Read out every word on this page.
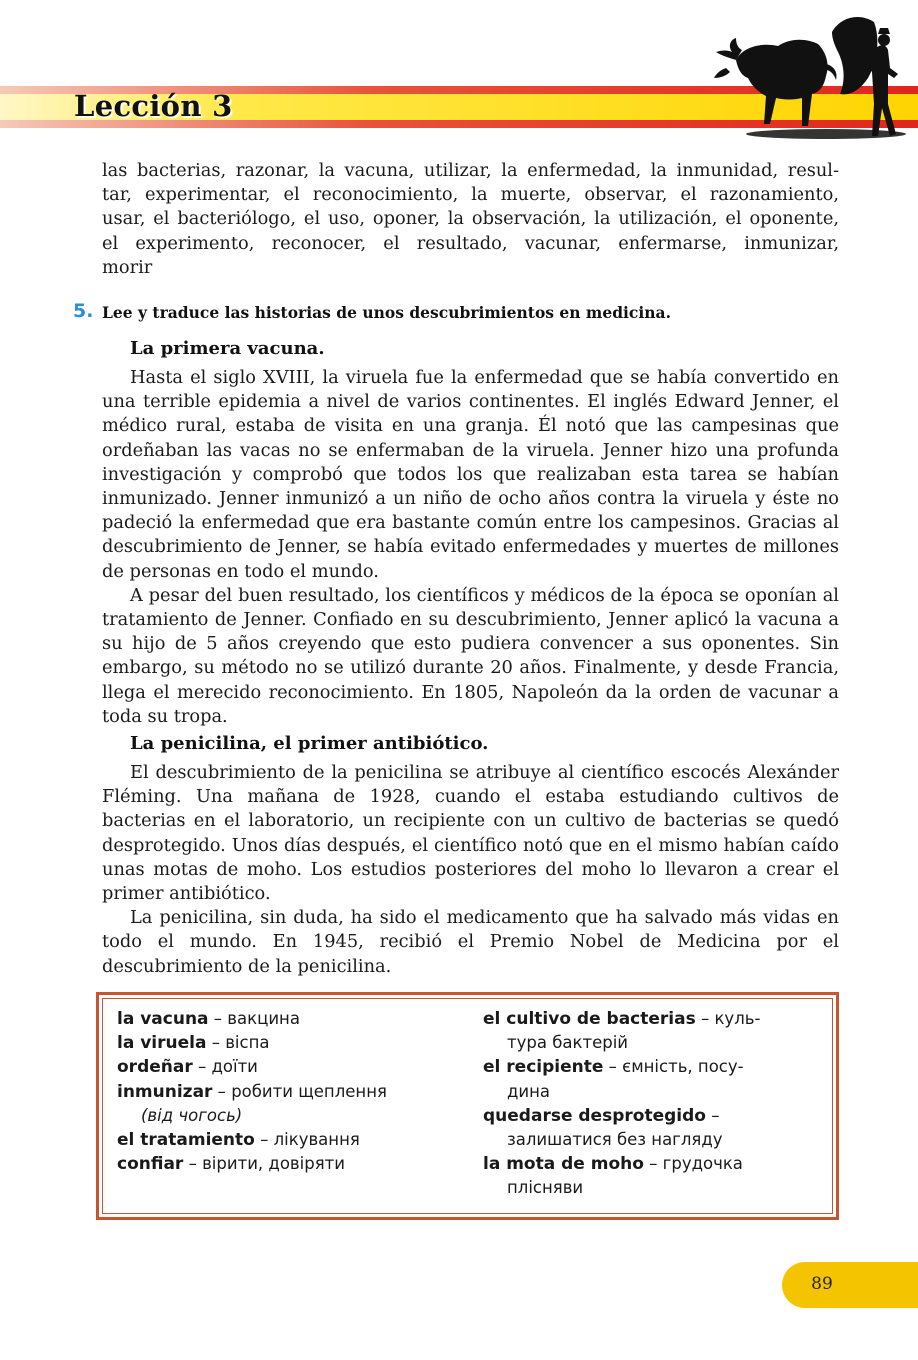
Lección 3
las bacterias, razonar, la vacuna, utilizar, la enfermedad, la inmunidad, resul-
tar, experimentar, el reconocimiento, la muerte, observar, el razonamiento,
usar, el bacteriólogo, el uso, oponer, la observación, la utilización, el oponente,
el experimento, reconocer, el resultado, vacunar, enfermarse, inmunizar,
morir
5. Lee y traduce las historias de unos descubrimientos en medicina.
La primera vacuna.

Hasta el siglo XVIII, la viruela fue la enfermedad que se había convertido en una terrible epidemia a nivel de varios continentes. El inglés Edward Jenner, el médico rural, estaba de visita en una granja. Él notó que las campesinas que ordeñaban las vacas no se enfermaban de la viruela. Jenner hizo una profunda investigación y comprobó que todos los que realizaban esta tarea se habían inmunizado. Jenner inmunizó a un niño de ocho años contra la viruela y éste no padeció la enfermedad que era bastante común entre los campesinos. Gracias al descubrimiento de Jenner, se había evitado enfermedades y muertes de millones de personas en todo el mundo.

A pesar del buen resultado, los científicos y médicos de la época se oponían al tratamiento de Jenner. Confiado en su descubrimiento, Jenner aplicó la vacuna a su hijo de 5 años creyendo que esto pudiera convencer a sus oponentes. Sin embargo, su método no se utilizó durante 20 años. Finalmente, y desde Francia, llega el merecido reconocimiento. En 1805, Napoleón da la orden de vacunar a toda su tropa.

La penicilina, el primer antibiótico.

El descubrimiento de la penicilina se atribuye al científico escocés Alexánder Fléming. Una mañana de 1928, cuando el estaba estudiando cultivos de bacterias en el laboratorio, un recipiente con un cultivo de bacterias se quedó desprotegido. Unos días después, el científico notó que en el mismo habían caído unas motas de moho. Los estudios posteriores del moho lo llevaron a crear el primer antibiótico.

La penicilina, sin duda, ha sido el medicamento que ha salvado más vidas en todo el mundo. En 1945, recibió el Premio Nobel de Medicina por el descubrimiento de la penicilina.

la vacuna – вакцина
la viruela – віспа
ordeñar – доїти
inmunizar – робити щеплення
(від чогось)
el tratamiento – лікування
confiar – вірити, довіряти
el cultivo de bacterias – куль-
тура бактерій
el recipiente – ємність, посу-
дина
quedarse desprotegido –
залишатися без нагляду
la mota de moho – грудочка
плісняви
89
